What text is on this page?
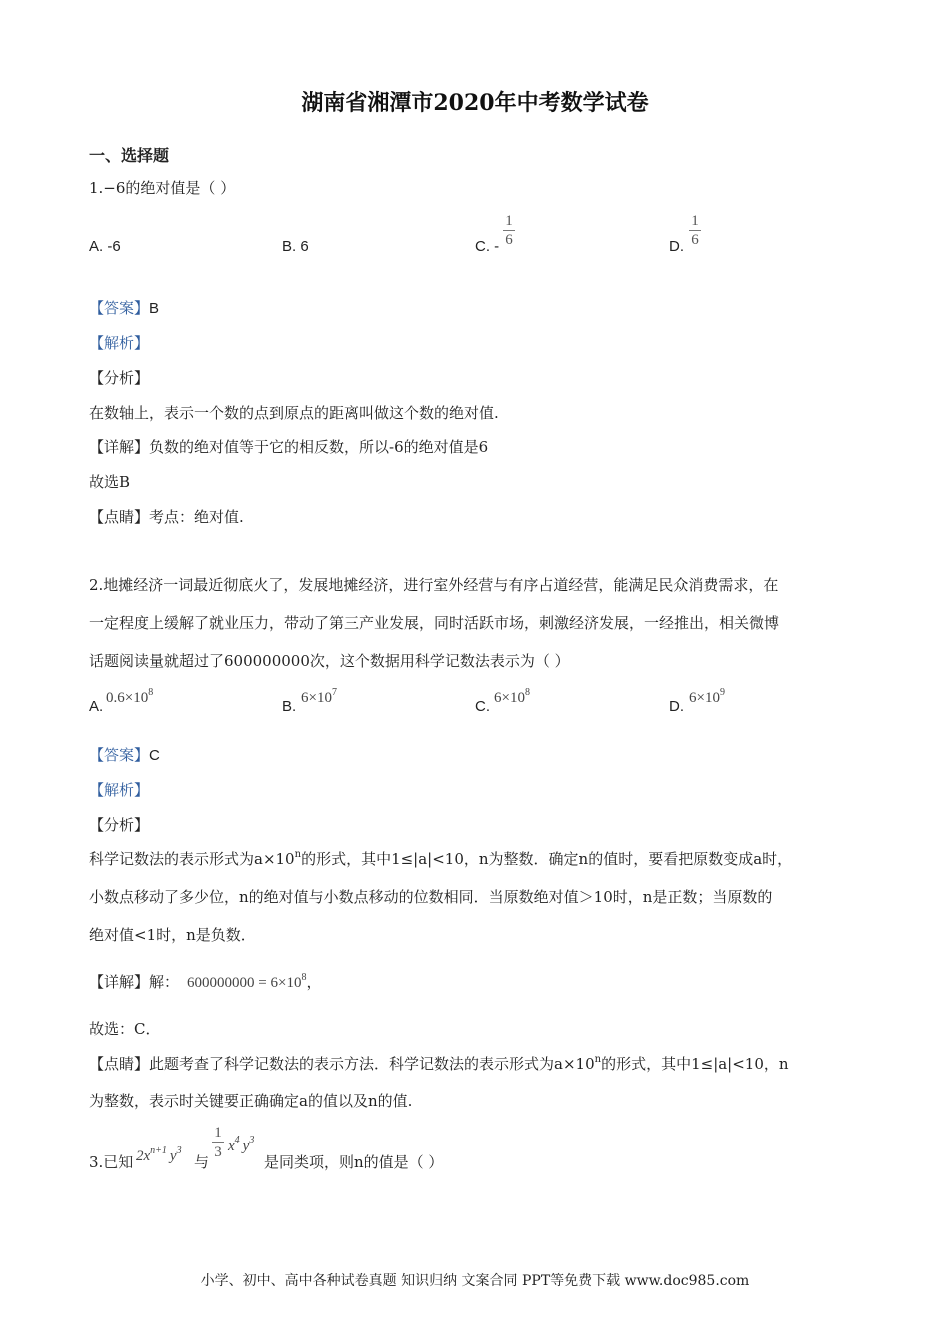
湖南省湘潭市2020年中考数学试卷
一、选择题
1.−6的绝对值是（ ）
A. -6	B. 6	C. - $\frac{1}{6}$	D. $\frac{1}{6}$
【答案】B
【解析】
【分析】
在数轴上，表示一个数的点到原点的距离叫做这个数的绝对值.
【详解】负数的绝对值等于它的相反数，所以-6的绝对值是6
故选B
【点睛】考点：绝对值.
2.地摊经济一词最近彻底火了，发展地摊经济，进行室外经营与有序占道经营，能满足民众消费需求，在
一定程度上缓解了就业压力，带动了第三产业发展，同时活跃市场，刺激经济发展，一经推出，相关微博
话题阅读量就超过了600000000次，这个数据用科学记数法表示为（ ）
A. $0.6\times 10^8$
B. $6\times 10^7$
C. $6\times 10^8$
D. $6\times 10^9$
【答案】C
【解析】
【分析】
科学记数法的表示形式为$a\times 10^n$的形式，其中1≤|a|<10，n为整数．确定n的值时，要看把原数变成a时，
小数点移动了多少位，n的绝对值与小数点移动的位数相同．当原数绝对值＞10时，n是正数；当原数的
绝对值<1时，n是负数．
【详解】解： $600000000 = 6\times 10^8$，
故选：C．
【点睛】此题考查了科学记数法的表示方法．科学记数法的表示形式为$a\times 10^n$的形式，其中1≤|a|<10，n
为整数，表示时关键要正确确定a的值以及n的值.
3.已知 $2x^{n+1}$ $y^3$
与
$\frac{1}{3} x^4$ $y^3$
是同类项，则n的值是（ ）
小学、初中、高中各种试卷真题 知识归纳 文案合同 PPT等免费下载 www.doc985.com
